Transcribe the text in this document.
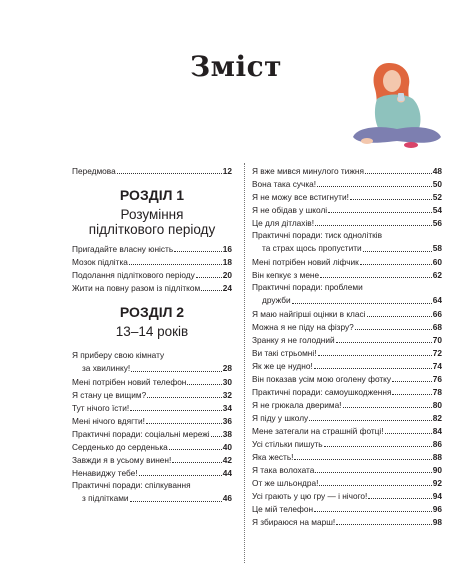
Зміст
Передмова	12
РОЗДІЛ 1
Розуміння
підліткового періоду
Пригадайте власну юність	16
Мозок підлітка	18
Подолання підліткового періоду	20
Жити на повну разом із підлітком	24
РОЗДІЛ 2
13–14 років
Я приберу свою кімнату
за хвилинку!	28
Мені потрібен новий телефон	30
Я стану це вищим?	32
Тут нічого їсти!	34
Мені нічого вдягти!	36
Практичні поради: соціальні мережі 38
Серденько до серденька	40
Завжди я в усьому винен!	42
Ненавиджу тебе!	44
Практичні поради: спілкування
з підлітками	46
Я вже мився минулого тижня	48
Вона така сучка!	50
Я не можу все встигнути!	52
Я не обідав у школі	54
Це для дітлахів!	56
Практичні поради: тиск однолітків
та страх щось пропустити	58
Мені потрібен новий ліфчик	60
Він кепкує з мене	62
Практичні поради: проблеми
дружби	64
Я маю найгірші оцінки в класі	66
Можна я не піду на фізру?	68
Зранку я не голодний	70
Ви такі стрьомні!	72
Як же це нудно!	74
Він показав усім мою оголену фотку	76
Практичні поради: самоушкодження	78
Я не грюкала дверима!	80
Я піду у школу	82
Мене затегали на страшній фотці!	84
Усі стільки пишуть	86
Яка жесть!	88
Я така волохата	90
От же шльондра!	92
Усі грають у цю гру — і нічого!	94
Це мій телефон	96
Я збираюся на марш!	98
